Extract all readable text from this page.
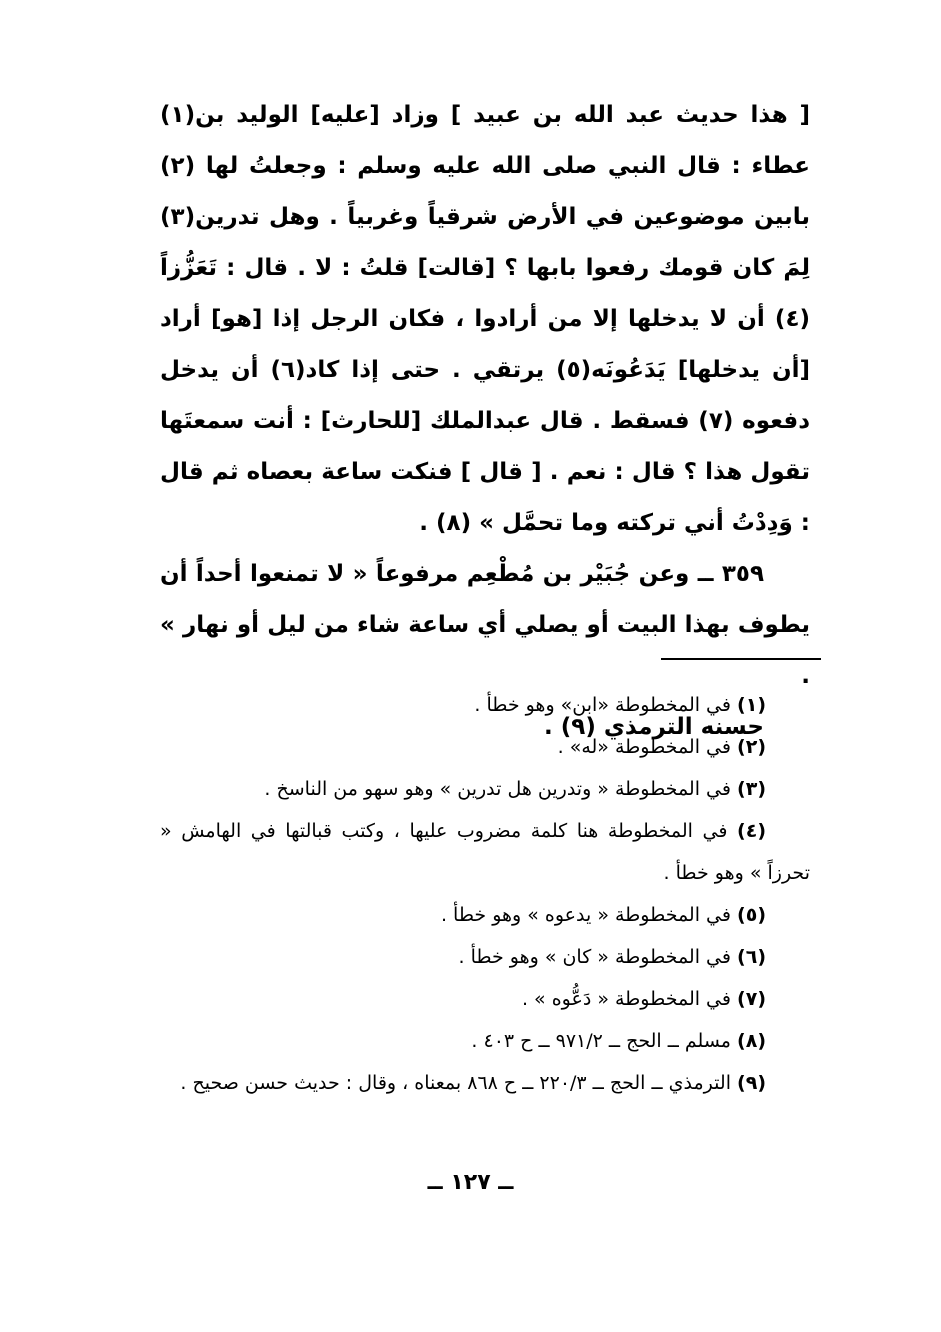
[ هذا حديث عبد الله بن عبيد ] وزاد [عليه] الوليد بن(١) عطاء : قال النبي صلى الله عليه وسلم : وجعلتُ لها (٢) بابين موضوعين في الأرض شرقياً وغربياً . وهل تدرين(٣) لِمَ كان قومك رفعوا بابها ؟ [قالت] قلتُ : لا . قال : تَعَزُّزاً (٤) أن لا يدخلها إلا من أرادوا ، فكان الرجل إذا [هو] أراد [أن يدخلها] يَدَعُونَه(٥) يرتقي . حتى إذا كاد(٦) أن يدخل دفعوه (٧) فسقط . قال عبدالملك [للحارث] : أنت سمعتَها تقول هذا ؟ قال : نعم . [ قال ] فنكت ساعة بعصاه ثم قال : وَدِدْتُ أني تركته وما تحمَّل » (٨) .

٣٥٩ ــ وعن جُبَيْر بن مُطْعِم مرفوعاً « لا تمنعوا أحداً أن يطوف بهذا البيت أو يصلي أي ساعة شاء من ليل أو نهار » .

حسنه الترمذي (٩) .

(١) في المخطوطة «ابن» وهو خطأ .

(٢) في المخطوطة «له» .

(٣) في المخطوطة « وتدرين هل تدرين » وهو سهو من الناسخ .

(٤) في المخطوطة هنا كلمة مضروب عليها ، وكتب قبالتها في الهامش « تحرزاً » وهو خطأ .

(٥) في المخطوطة « يدعوه » وهو خطأ .

(٦) في المخطوطة « كان » وهو خطأ .

(٧) في المخطوطة « دَعُّوه » .

(٨) مسلم ــ الحج ــ ٩٧١/٢ ــ ح ٤٠٣ .

(٩) الترمذي ــ الحج ــ ٢٢٠/٣ ــ ح ٨٦٨ بمعناه ، وقال : حديث حسن صحيح .

ــ ١٢٧ ــ
